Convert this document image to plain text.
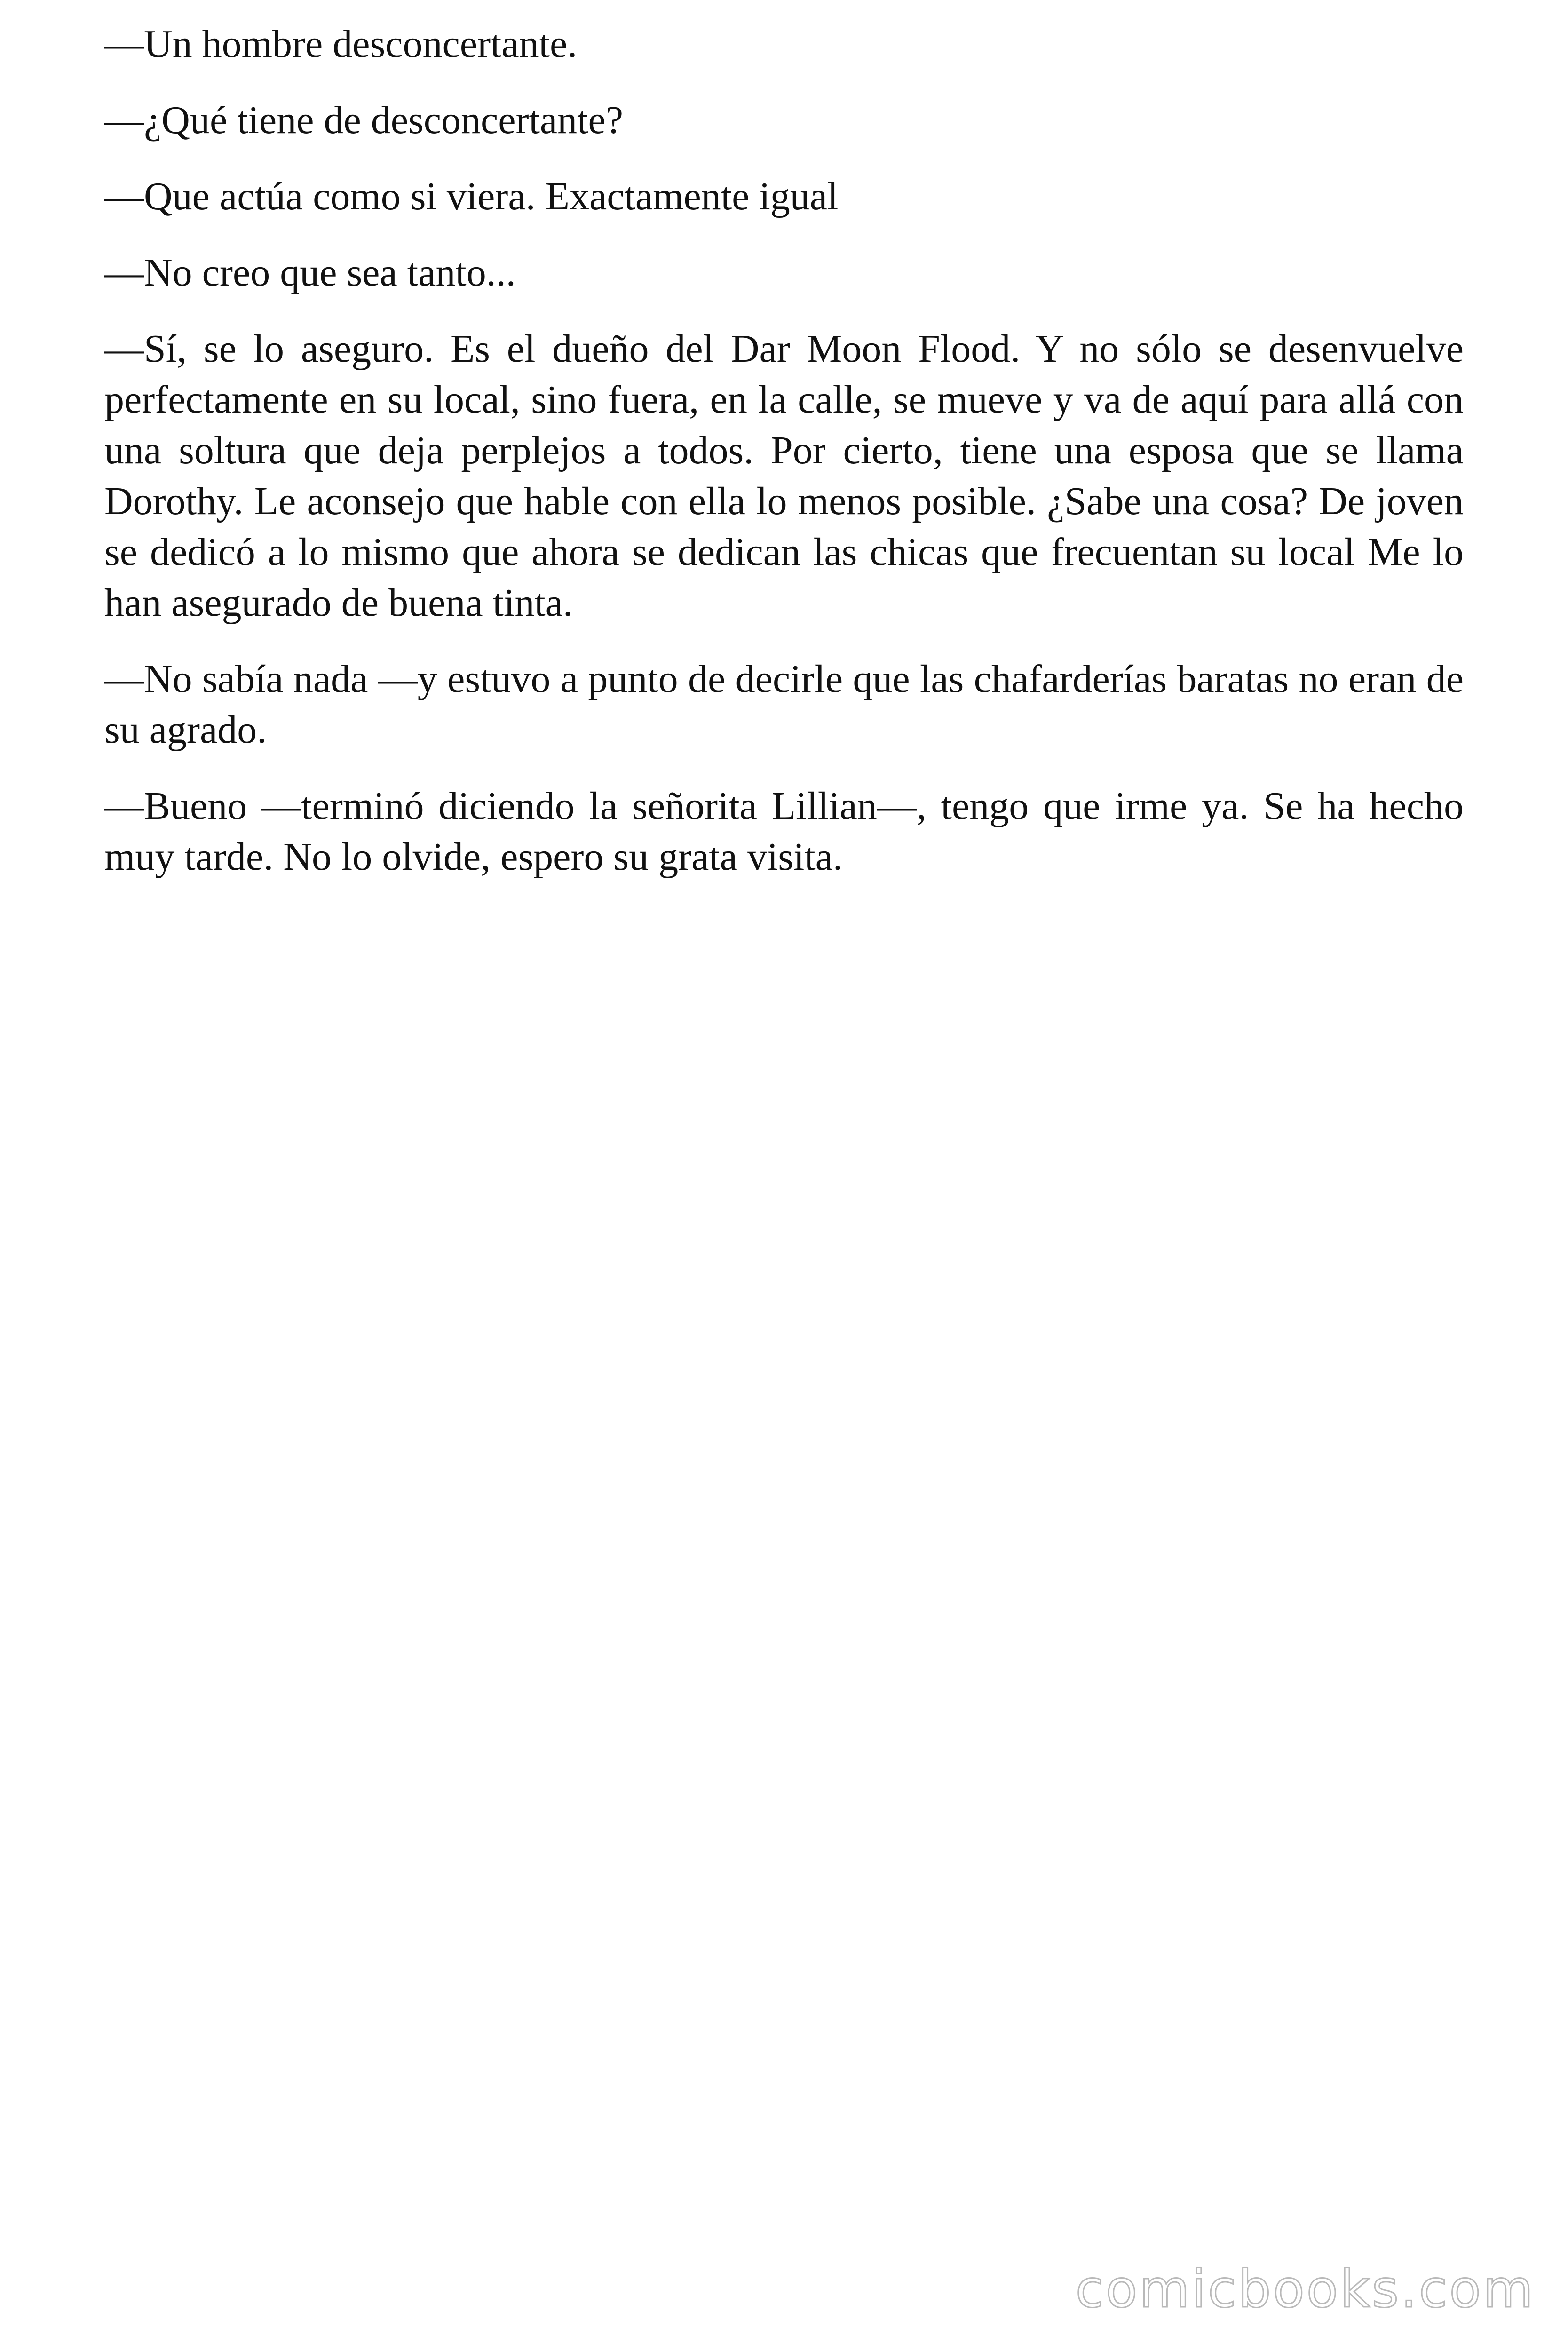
—Un hombre desconcertante.

—¿Qué tiene de desconcertante?

—Que actúa como si viera. Exactamente igual

—No creo que sea tanto...

—Sí, se lo aseguro. Es el dueño del Dar Moon Flood. Y no sólo se desenvuelve perfectamente en su local, sino fuera, en la calle, se mueve y va de aquí para allá con una soltura que deja perplejos a todos. Por cierto, tiene una esposa que se llama Dorothy. Le aconsejo que hable con ella lo menos posible. ¿Sabe una cosa? De joven se dedicó a lo mismo que ahora se dedican las chicas que frecuentan su local Me lo han asegurado de buena tinta.

—No sabía nada —y estuvo a punto de decirle que las chafarderías baratas no eran de su agrado.

—Bueno —terminó diciendo la señorita Lillian—, tengo que irme ya. Se ha hecho muy tarde. No lo olvide, espero su grata visita.

comicbooks.com
